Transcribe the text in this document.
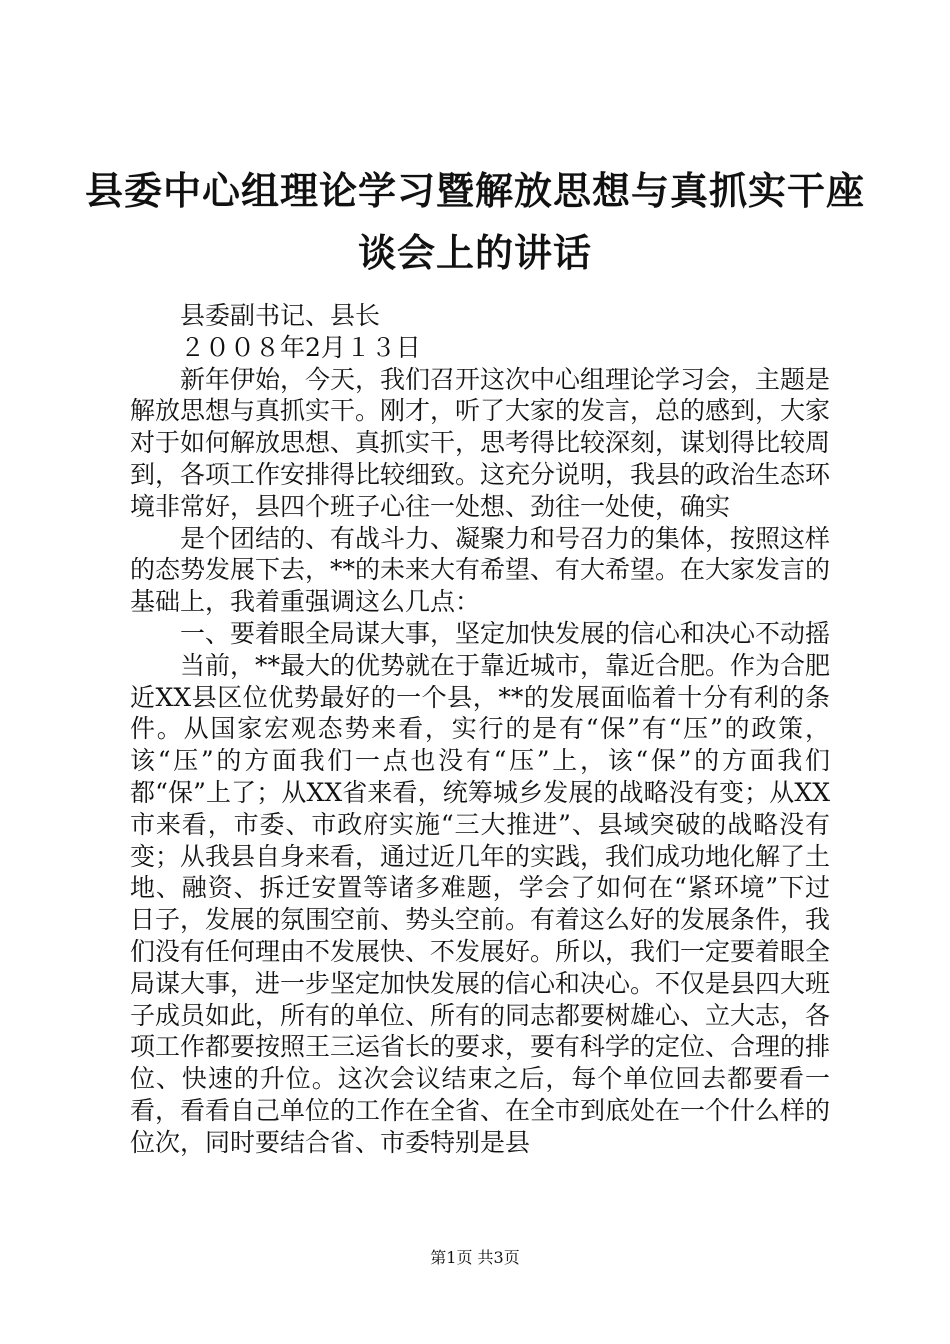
县委中心组理论学习暨解放思想与真抓实干座
谈会上的讲话

县委副书记、县长

２００８年2月１３日

新年伊始，今天，我们召开这次中心组理论学习会，主题是解放思想与真抓实干。刚才，听了大家的发言，总的感到，大家对于如何解放思想、真抓实干，思考得比较深刻，谋划得比较周到，各项工作安排得比较细致。这充分说明，我县的政治生态环境非常好，县四个班子心往一处想、劲往一处使，确实

是个团结的、有战斗力、凝聚力和号召力的集体，按照这样的态势发展下去，**的未来大有希望、有大希望。在大家发言的基础上，我着重强调这么几点：

一、要着眼全局谋大事，坚定加快发展的信心和决心不动摇

当前，**最大的优势就在于靠近城市，靠近合肥。作为合肥近XX县区位优势最好的一个县，**的发展面临着十分有利的条件。从国家宏观态势来看，实行的是有“保”有“压”的政策，该“压”的方面我们一点也没有“压”上，该“保”的方面我们都“保”上了；从XX省来看，统筹城乡发展的战略没有变；从XX市来看，市委、市政府实施“三大推进”、县域突破的战略没有变；从我县自身来看，通过近几年的实践，我们成功地化解了土地、融资、拆迁安置等诸多难题，学会了如何在“紧环境”下过日子，发展的氛围空前、势头空前。有着这么好的发展条件，我们没有任何理由不发展快、不发展好。所以，我们一定要着眼全局谋大事，进一步坚定加快发展的信心和决心。不仅是县四大班子成员如此，所有的单位、所有的同志都要树雄心、立大志，各项工作都要按照王三运省长的要求，要有科学的定位、合理的排位、快速的升位。这次会议结束之后，每个单位回去都要看一看，看看自己单位的工作在全省、在全市到底处在一个什么样的位次，同时要结合省、市委特别是县

第1页 共3页
